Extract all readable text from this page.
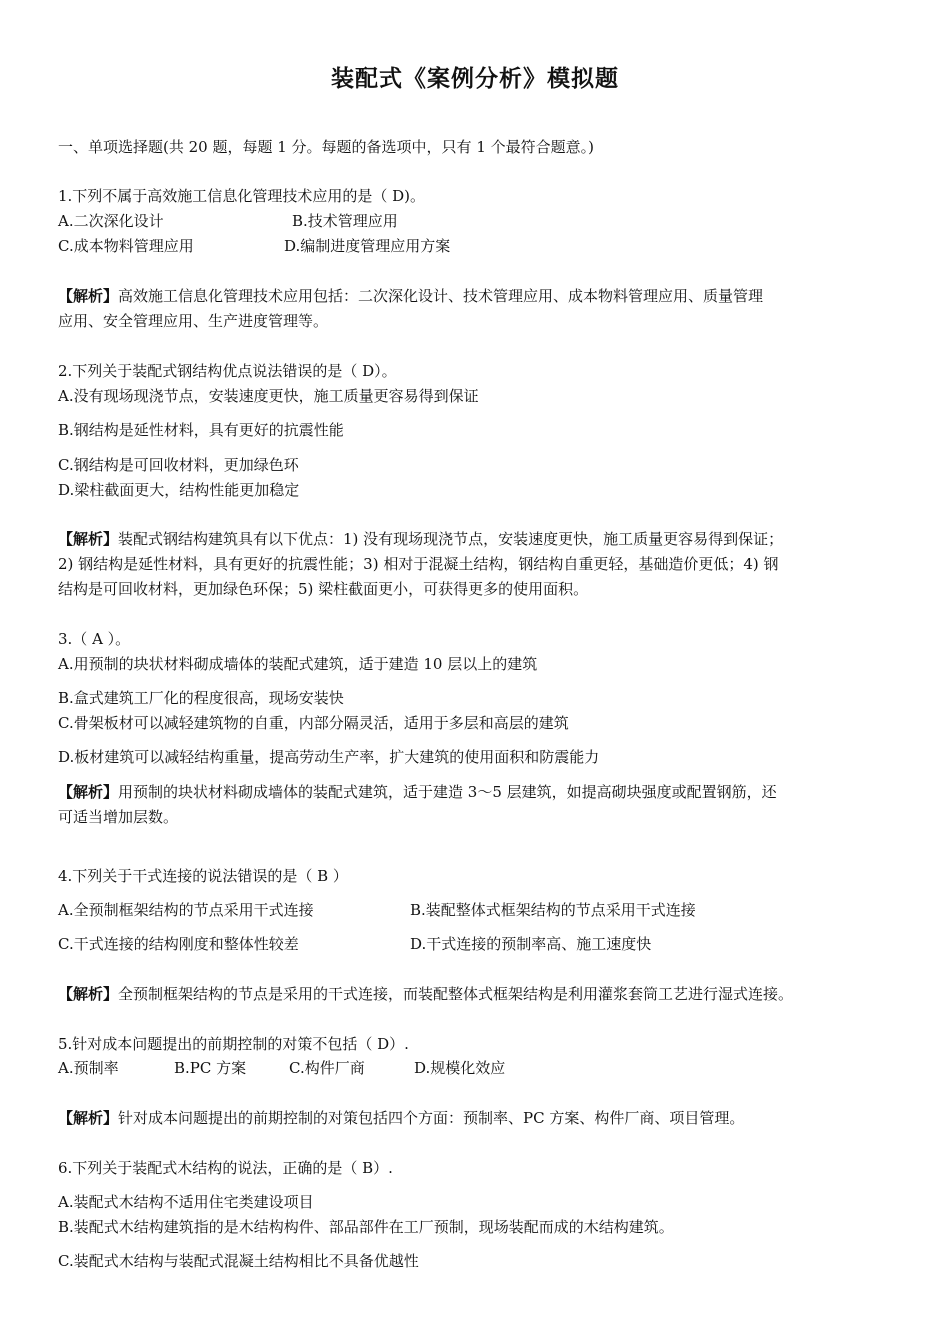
装配式《案例分析》模拟题
一、单项选择题(共 20 题，每题 1 分。每题的备选项中，只有 1 个最符合题意。)
1.下列不属于高效施工信息化管理技术应用的是（ D)。
A.二次深化设计	B.技术管理应用
C.成本物料管理应用	D.编制进度管理应用方案
【解析】高效施工信息化管理技术应用包括：二次深化设计、技术管理应用、成本物料管理应用、质量管理
应用、安全管理应用、生产进度管理等。
2.下列关于装配式钢结构优点说法错误的是（ D）。
A.没有现场现浇节点，安装速度更快，施工质量更容易得到保证
B.钢结构是延性材料，具有更好的抗震性能
C.钢结构是可回收材料，更加绿色环
D.梁柱截面更大，结构性能更加稳定
【解析】装配式钢结构建筑具有以下优点：1) 没有现场现浇节点，安装速度更快，施工质量更容易得到保证；
2) 钢结构是延性材料，具有更好的抗震性能；3) 相对于混凝土结构，钢结构自重更轻，基础造价更低；4) 钢
结构是可回收材料，更加绿色环保；5) 梁柱截面更小，可获得更多的使用面积。
3.（ A ）。
A.用预制的块状材料砌成墙体的装配式建筑，适于建造 10 层以上的建筑
B.盒式建筑工厂化的程度很高，现场安装快
C.骨架板材可以减轻建筑物的自重，内部分隔灵活，适用于多层和高层的建筑
D.板材建筑可以减轻结构重量，提高劳动生产率，扩大建筑的使用面积和防震能力
【解析】用预制的块状材料砌成墙体的装配式建筑，适于建造 3～5 层建筑，如提高砌块强度或配置钢筋，还
可适当增加层数。
4.下列关于干式连接的说法错误的是（ B ）
A.全预制框架结构的节点采用干式连接	B.装配整体式框架结构的节点采用干式连接
C.干式连接的结构刚度和整体性较差	D.干式连接的预制率高、施工速度快
【解析】全预制框架结构的节点是采用的干式连接，而装配整体式框架结构是利用灌浆套筒工艺进行湿式连接。
5.针对成本问题提出的前期控制的对策不包括（ D）.
A.预制率	B.PC 方案	C.构件厂商	D.规模化效应
【解析】针对成本问题提出的前期控制的对策包括四个方面：预制率、PC 方案、构件厂商、项目管理。
6.下列关于装配式木结构的说法，正确的是（ B）.
A.装配式木结构不适用住宅类建设项目
B.装配式木结构建筑指的是木结构构件、部品部件在工厂预制，现场装配而成的木结构建筑。
C.装配式木结构与装配式混凝土结构相比不具备优越性
